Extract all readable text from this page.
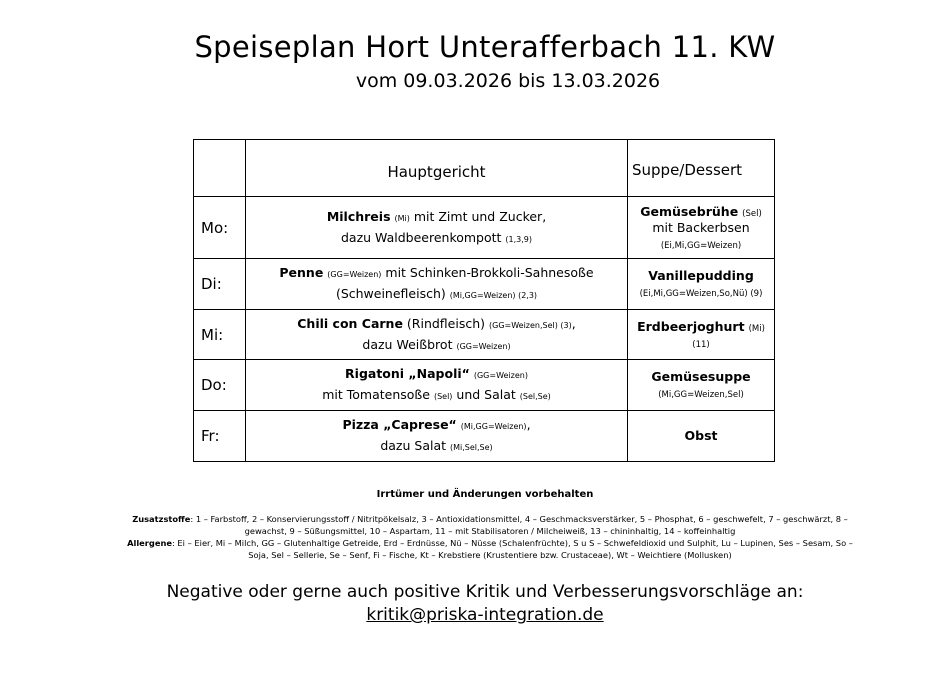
Speiseplan Hort Unterafferbach 11. KW
vom 09.03.2026 bis 13.03.2026
	Hauptgericht	Suppe/Dessert
Mo:	Milchreis (Mi) mit Zimt und Zucker,
dazu Waldbeerenkompott (1,3,9)	Gemüsebrühe (Sel)
mit Backerbsen
(Ei,Mi,GG=Weizen)
Di:	Penne (GG=Weizen) mit Schinken-Brokkoli-Sahnesoße
(Schweinefleisch) (Mi,GG=Weizen) (2,3)	Vanillepudding
(Ei,Mi,GG=Weizen,So,Nü) (9)
Mi:	Chili con Carne (Rindfleisch) (GG=Weizen,Sel) (3),
dazu Weißbrot (GG=Weizen)	Erdbeerjoghurt (Mi)
(11)
Do:	Rigatoni „Napoli“ (GG=Weizen)
mit Tomatensoße (Sel) und Salat (Sel,Se)	Gemüsesuppe
(Mi,GG=Weizen,Sel)
Fr:	Pizza „Caprese“ (Mi,GG=Weizen),
dazu Salat (Mi,Sel,Se)	Obst
Irrtümer und Änderungen vorbehalten
Zusatzstoffe: 1 – Farbstoff, 2 – Konservierungsstoff / Nitritpökelsalz, 3 – Antioxidationsmittel, 4 – Geschmacksverstärker, 5 – Phosphat, 6 – geschwefelt, 7 – geschwärzt, 8 – gewachst, 9 – Süßungsmittel, 10 – Aspartam, 11 – mit Stabilisatoren / Milcheiweiß, 13 – chininhaltig, 14 – koffeinhaltig
Allergene: Ei – Eier, Mi – Milch, GG – Glutenhaltige Getreide, Erd – Erdnüsse, Nü – Nüsse (Schalenfrüchte), S u S – Schwefeldioxid und Sulphit, Lu – Lupinen, Ses – Sesam, So – Soja, Sel – Sellerie, Se – Senf, Fi – Fische, Kt – Krebstiere (Krustentiere bzw. Crustaceae), Wt – Weichtiere (Mollusken)
Negative oder gerne auch positive Kritik und Verbesserungsvorschläge an:
kritik@priska-integration.de
